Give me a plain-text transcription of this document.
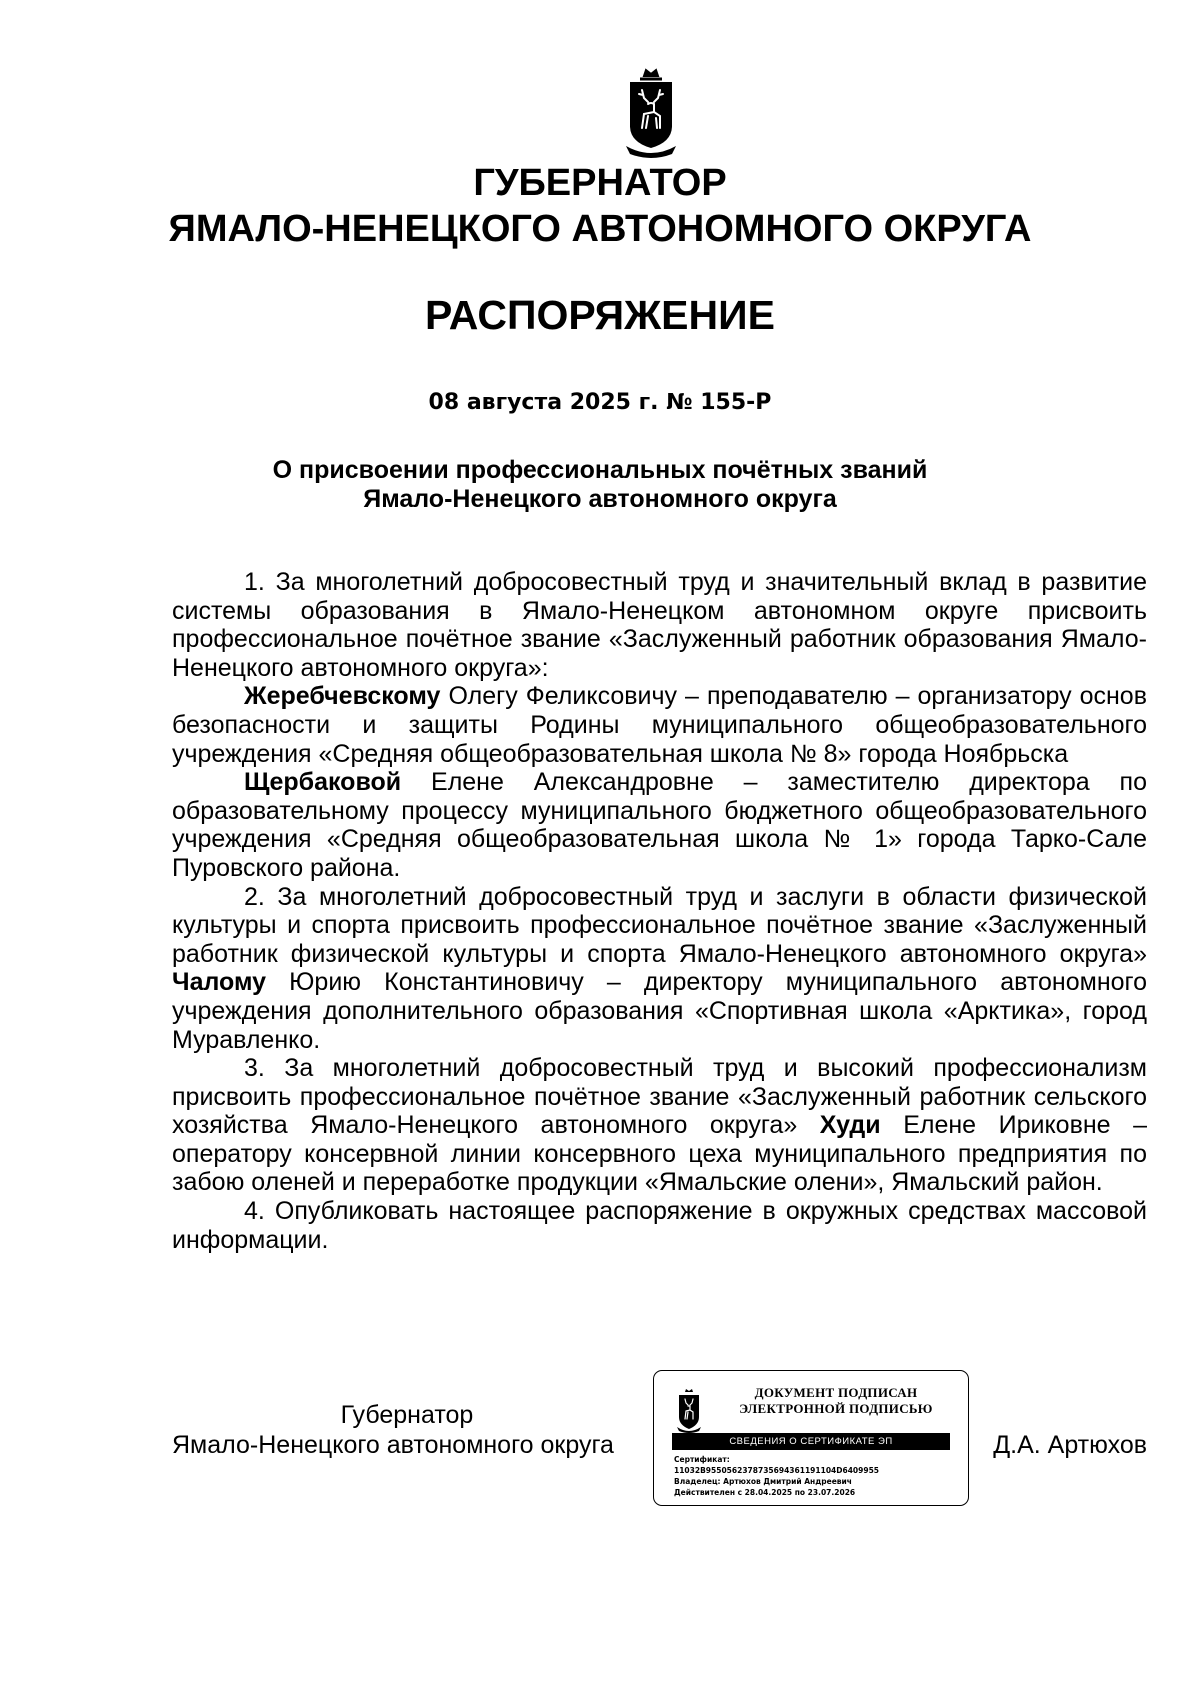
ГУБЕРНАТОР
ЯМАЛО-НЕНЕЦКОГО АВТОНОМНОГО ОКРУГА
РАСПОРЯЖЕНИЕ
08 августа 2025 г. № 155-Р
О присвоении профессиональных почётных званий
Ямало-Ненецкого автономного округа

1. За многолетний добросовестный труд и значительный вклад в развитие системы образования в Ямало-Ненецком автономном округе присвоить профессиональное почётное звание «Заслуженный работник образования Ямало-Ненецкого автономного округа»:

Жеребчевскому Олегу Феликсовичу – преподавателю – организатору основ безопасности и защиты Родины муниципального общеобразовательного учреждения «Средняя общеобразовательная школа № 8» города Ноябрьска

Щербаковой Елене Александровне – заместителю директора по образовательному процессу муниципального бюджетного общеобразовательного учреждения «Средняя общеобразовательная школа № 1» города Тарко-Сале Пуровского района.

2. За многолетний добросовестный труд и заслуги в области физической культуры и спорта присвоить профессиональное почётное звание «Заслуженный работник физической культуры и спорта Ямало-Ненецкого автономного округа» Чалому Юрию Константиновичу – директору муниципального автономного учреждения дополнительного образования «Спортивная школа «Арктика», город Муравленко.

3. За многолетний добросовестный труд и высокий профессионализм присвоить профессиональное почётное звание «Заслуженный работник сельского хозяйства Ямало-Ненецкого автономного округа» Худи Елене Ириковне – оператору консервной линии консервного цеха муниципального предприятия по забою оленей и переработке продукции «Ямальские олени», Ямальский район.

4. Опубликовать настоящее распоряжение в окружных средствах массовой информации.

Губернатор
Ямало-Ненецкого автономного округа
ДОКУМЕНТ ПОДПИСАН
ЭЛЕКТРОННОЙ ПОДПИСЬЮ
СВЕДЕНИЯ О СЕРТИФИКАТЕ ЭП
Сертификат:
11032B9550562378735694361191104D6409955
Владелец: Артюхов Дмитрий Андреевич
Действителен с 28.04.2025 по 23.07.2026
Д.А. Артюхов
